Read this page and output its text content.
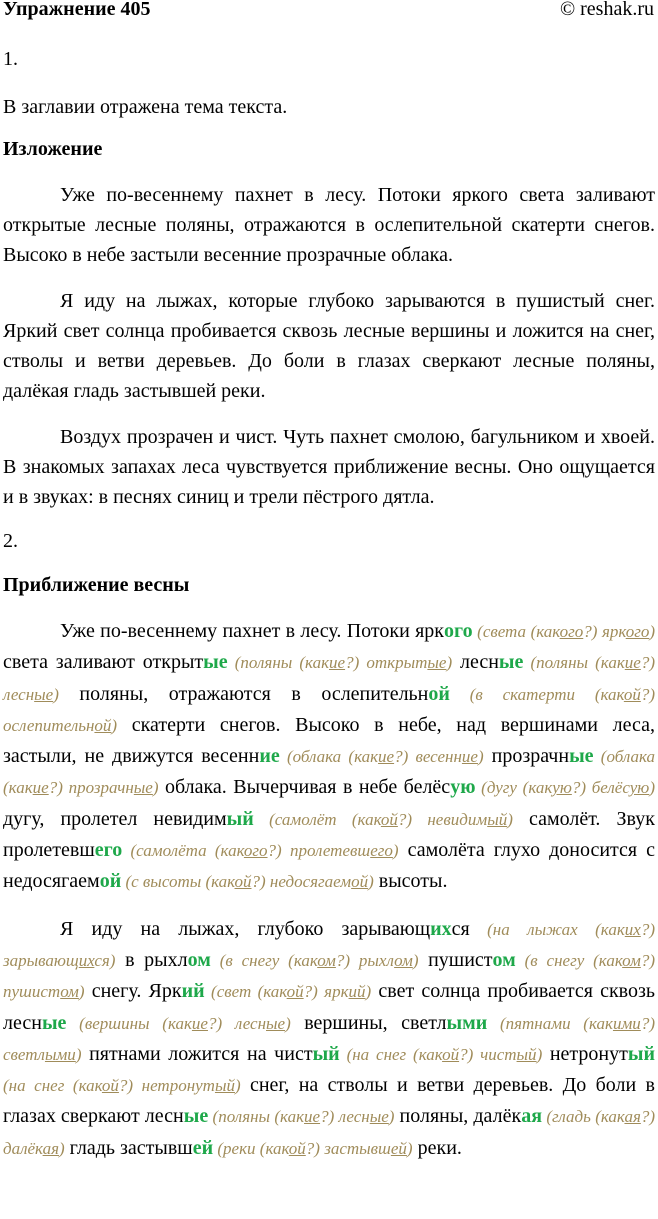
Упражнение 405	© reshak.ru
1.
В заглавии отражена тема текста.
Изложение

Уже по-весеннему пахнет в лесу. Потоки яркого света заливают открытые лесные поляны, отражаются в ослепительной скатерти снегов. Высоко в небе застыли весенние прозрачные облака.

Я иду на лыжах, которые глубоко зарываются в пушистый снег. Яркий свет солнца пробивается сквозь лесные вершины и ложится на снег, стволы и ветви деревьев. До боли в глазах сверкают лесные поляны, далёкая гладь застывшей реки.

Воздух прозрачен и чист. Чуть пахнет смолою, багульником и хвоей. В знакомых запахах леса чувствуется приближение весны. Оно ощущается и в звуках: в песнях синиц и трели пёстрого дятла.

2.
Приближение весны

Уже по-весеннему пахнет в лесу. Потоки яркого (света (какого?) яркого) света заливают открытые (поляны (какие?) открытые) лесные (поляны (какие?) лесные) поляны, отражаются в ослепительной (в скатерти (какой?) ослепительной) скатерти снегов. Высоко в небе, над вершинами леса, застыли, не движутся весенние (облака (какие?) весенние) прозрачные (облака (какие?) прозрачные) облака. Вычерчивая в небе белёсую (дугу (какую?) белёсую) дугу, пролетел невидимый (самолёт (какой?) невидимый) самолёт. Звук пролетевшего (самолёта (какого?) пролетевшего) самолёта глухо доносится с недосягаемой (с высоты (какой?) недосягаемой) высоты.

Я иду на лыжах, глубоко зарывающихся (на лыжах (каких?) зарывающихся) в рыхлом (в снегу (каком?) рыхлом) пушистом (в снегу (каком?) пушистом) снегу. Яркий (свет (какой?) яркий) свет солнца пробивается сквозь лесные (вершины (какие?) лесные) вершины, светлыми (пятнами (какими?) светлыми) пятнами ложится на чистый (на снег (какой?) чистый) нетронутый (на снег (какой?) нетронутый) снег, на стволы и ветви деревьев. До боли в глазах сверкают лесные (поляны (какие?) лесные) поляны, далёкая (гладь (какая?) далёкая) гладь застывшей (реки (какой?) застывшей) реки.
